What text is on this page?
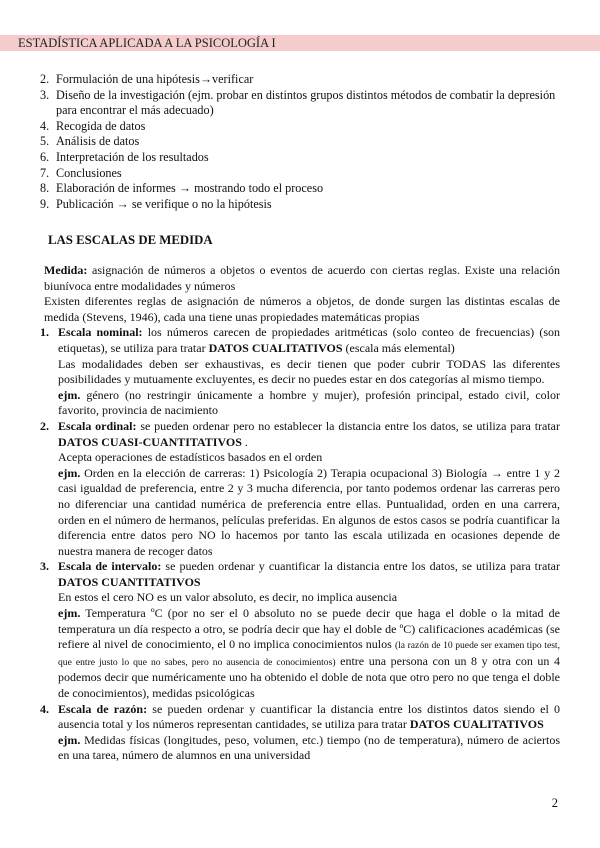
ESTADÍSTICA APLICADA A LA PSICOLOGÍA I
2. Formulación de una hipótesis→verificar
3. Diseño de la investigación (ejm. probar en distintos grupos distintos métodos de combatir la depresión para encontrar el más adecuado)
4. Recogida de datos
5. Análisis de datos
6. Interpretación de los resultados
7. Conclusiones
8. Elaboración de informes → mostrando todo el proceso
9. Publicación → se verifique o no la hipótesis
LAS ESCALAS DE MEDIDA

Medida: asignación de números a objetos o eventos de acuerdo con ciertas reglas. Existe una relación biunívoca entre modalidades y números

Existen diferentes reglas de asignación de números a objetos, de donde surgen las distintas escalas de medida (Stevens, 1946), cada una tiene unas propiedades matemáticas propias

1. Escala nominal: los números carecen de propiedades aritméticas (solo conteo de frecuencias) (son etiquetas), se utiliza para tratar DATOS CUALITATIVOS (escala más elemental)

Las modalidades deben ser exhaustivas, es decir tienen que poder cubrir TODAS las diferentes posibilidades y mutuamente excluyentes, es decir no puedes estar en dos categorías al mismo tiempo.

ejm. género (no restringir únicamente a hombre y mujer), profesión principal, estado civil, color favorito, provincia de nacimiento

2. Escala ordinal: se pueden ordenar pero no establecer la distancia entre los datos, se utiliza para tratar DATOS CUASI-CUANTITATIVOS .

Acepta operaciones de estadísticos basados en el orden

ejm. Orden en la elección de carreras: 1) Psicología 2) Terapia ocupacional 3) Biología → entre 1 y 2 casi igualdad de preferencia, entre 2 y 3 mucha diferencia, por tanto podemos ordenar las carreras pero no diferenciar una cantidad numérica de preferencia entre ellas. Puntualidad, orden en una carrera, orden en el número de hermanos, películas preferidas. En algunos de estos casos se podría cuantificar la diferencia entre datos pero NO lo hacemos por tanto las escala utilizada en ocasiones depende de nuestra manera de recoger datos

3. Escala de intervalo: se pueden ordenar y cuantificar la distancia entre los datos, se utiliza para tratar DATOS CUANTITATIVOS

En estos el cero NO es un valor absoluto, es decir, no implica ausencia

ejm. Temperatura ºC (por no ser el 0 absoluto no se puede decir que haga el doble o la mitad de temperatura un día respecto a otro, se podría decir que hay el doble de ºC) calificaciones académicas (se refiere al nivel de conocimiento, el 0 no implica conocimientos nulos (la razón de 10 puede ser examen tipo test, que entre justo lo que no sabes, pero no ausencia de conocimientos) entre una persona con un 8 y otra con un 4 podemos decir que numéricamente uno ha obtenido el doble de nota que otro pero no que tenga el doble de conocimientos), medidas psicológicas

4. Escala de razón: se pueden ordenar y cuantificar la distancia entre los distintos datos siendo el 0 ausencia total y los números representan cantidades, se utiliza para tratar DATOS CUALITATIVOS

ejm. Medidas físicas (longitudes, peso, volumen, etc.) tiempo (no de temperatura), número de aciertos en una tarea, número de alumnos en una universidad

2
